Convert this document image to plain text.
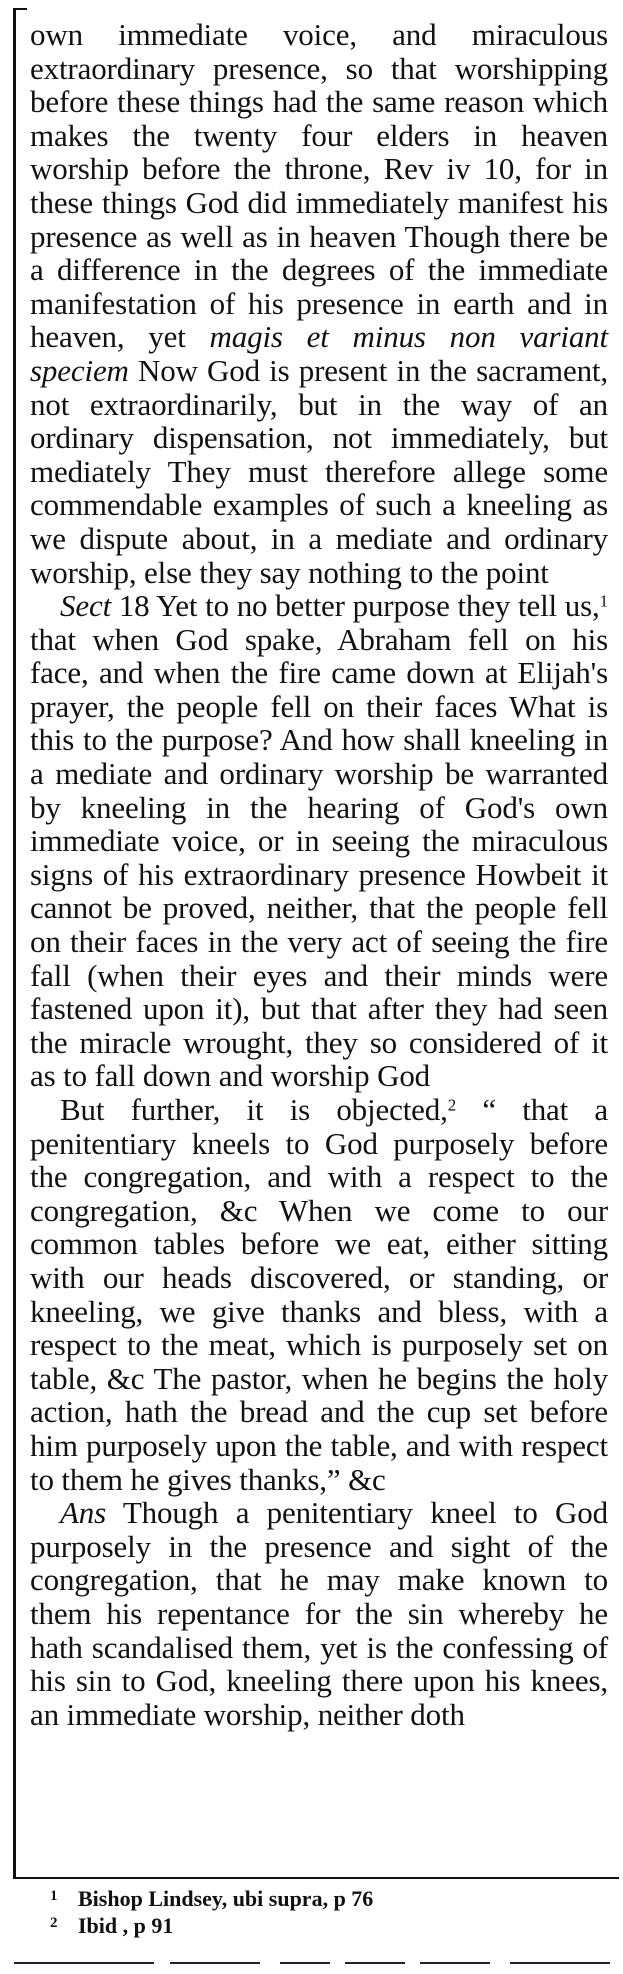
own immediate voice, and miraculous extraordinary presence, so that worshipping before these things had the same reason which makes the twenty four elders in heaven worship before the throne, Rev iv 10, for in these things God did immediately manifest his presence as well as in heaven Though there be a difference in the degrees of the immediate manifestation of his presence in earth and in heaven, yet magis et minus non variant speciem Now God is present in the sacrament, not extraordinarily, but in the way of an ordinary dispensation, not immediately, but mediately They must therefore allege some commendable examples of such a kneeling as we dispute about, in a mediate and ordinary worship, else they say nothing to the point

Sect 18 Yet to no better purpose they tell us,$^1$ that when God spake, Abraham fell on his face, and when the fire came down at Elijah's prayer, the people fell on their faces What is this to the purpose? And how shall kneeling in a mediate and ordinary worship be warranted by kneeling in the hearing of God's own immediate voice, or in seeing the miraculous signs of his extraordinary presence Howbeit it cannot be proved, neither, that the people fell on their faces in the very act of seeing the fire fall (when their eyes and their minds were fastened upon it), but that after they had seen the miracle wrought, they so considered of it as to fall down and worship God

But further, it is objected,$^2$ “ that a penitentiary kneels to God purposely before the congregation, and with a respect to the congregation, &c When we come to our common tables before we eat, either sitting with our heads discovered, or standing, or kneeling, we give thanks and bless, with a respect to the meat, which is purposely set on table, &c The pastor, when he begins the holy action, hath the bread and the cup set before him purposely upon the table, and with respect to them he gives thanks,” &c

Ans Though a penitentiary kneel to God purposely in the presence and sight of the congregation, that he may make known to them his repentance for the sin whereby he hath scandalised them, yet is the confessing of his sin to God, kneeling there upon his knees, an immediate worship, neither doth

1 Bishop Lindsey, ubi supra, p 76
2 Ibid , p 91
